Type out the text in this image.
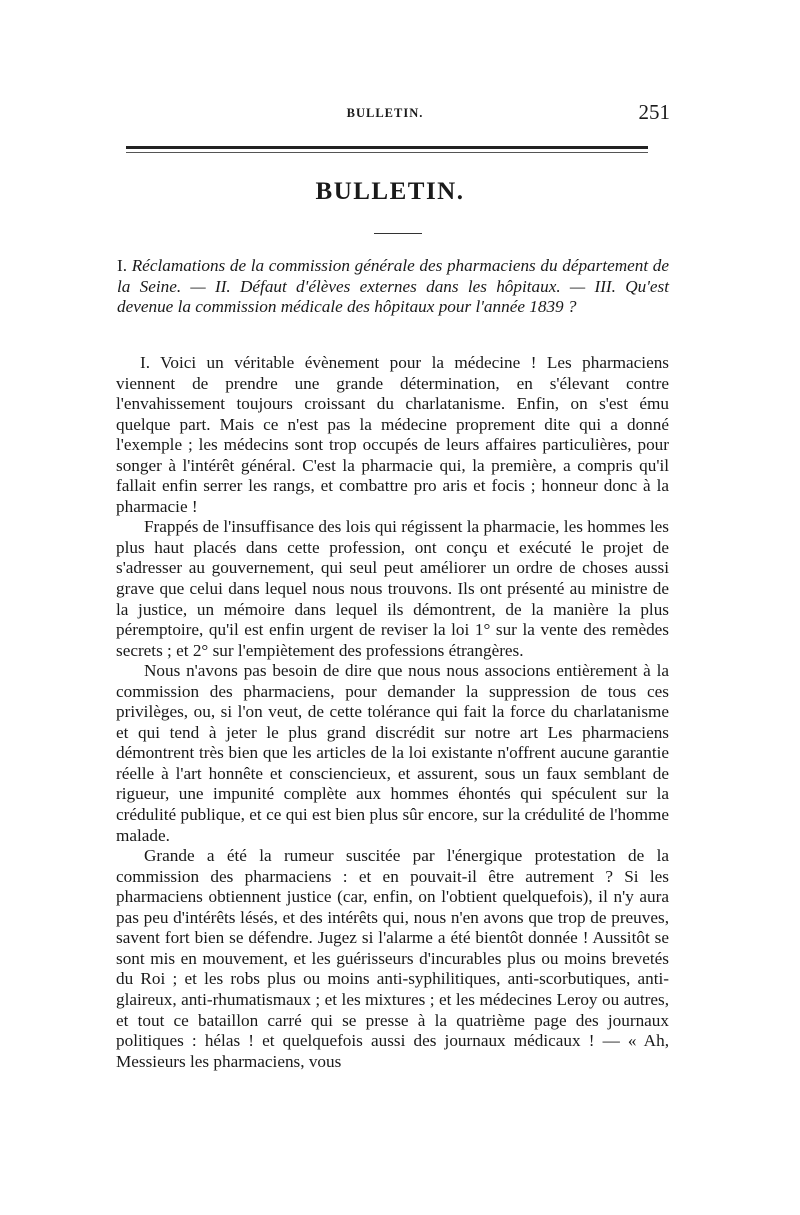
BULLETIN.	251
BULLETIN.
I. Réclamations de la commission générale des pharmaciens du département de la Seine. — II. Défaut d'élèves externes dans les hôpitaux. — III. Qu'est devenue la commission médicale des hôpitaux pour l'année 1839 ?

I. Voici un véritable évènement pour la médecine ! Les pharmaciens viennent de prendre une grande détermination, en s'élevant contre l'envahissement toujours croissant du charlatanisme. Enfin, on s'est ému quelque part. Mais ce n'est pas la médecine proprement dite qui a donné l'exemple ; les médecins sont trop occupés de leurs affaires particulières, pour songer à l'intérêt général. C'est la pharmacie qui, la première, a compris qu'il fallait enfin serrer les rangs, et combattre pro aris et focis ; honneur donc à la pharmacie !

Frappés de l'insuffisance des lois qui régissent la pharmacie, les hommes les plus haut placés dans cette profession, ont conçu et exécuté le projet de s'adresser au gouvernement, qui seul peut améliorer un ordre de choses aussi grave que celui dans lequel nous nous trouvons. Ils ont présenté au ministre de la justice, un mémoire dans lequel ils démontrent, de la manière la plus péremptoire, qu'il est enfin urgent de reviser la loi 1° sur la vente des remèdes secrets ; et 2° sur l'empiètement des professions étrangères.

Nous n'avons pas besoin de dire que nous nous associons entièrement à la commission des pharmaciens, pour demander la suppression de tous ces privilèges, ou, si l'on veut, de cette tolérance qui fait la force du charlatanisme et qui tend à jeter le plus grand discrédit sur notre art Les pharmaciens démontrent très bien que les articles de la loi existante n'offrent aucune garantie réelle à l'art honnête et consciencieux, et assurent, sous un faux semblant de rigueur, une impunité complète aux hommes éhontés qui spéculent sur la crédulité publique, et ce qui est bien plus sûr encore, sur la crédulité de l'homme malade.

Grande a été la rumeur suscitée par l'énergique protestation de la commission des pharmaciens : et en pouvait-il être autrement ? Si les pharmaciens obtiennent justice (car, enfin, on l'obtient quelquefois), il n'y aura pas peu d'intérêts lésés, et des intérêts qui, nous n'en avons que trop de preuves, savent fort bien se défendre. Jugez si l'alarme a été bientôt donnée ! Aussitôt se sont mis en mouvement, et les guérisseurs d'incurables plus ou moins brevetés du Roi ; et les robs plus ou moins anti-syphilitiques, anti-scorbutiques, anti-glaireux, anti-rhumatismaux ; et les mixtures ; et les médecines Leroy ou autres, et tout ce bataillon carré qui se presse à la quatrième page des journaux politiques : hélas ! et quelquefois aussi des journaux médicaux ! — « Ah, Messieurs les pharmaciens, vous
